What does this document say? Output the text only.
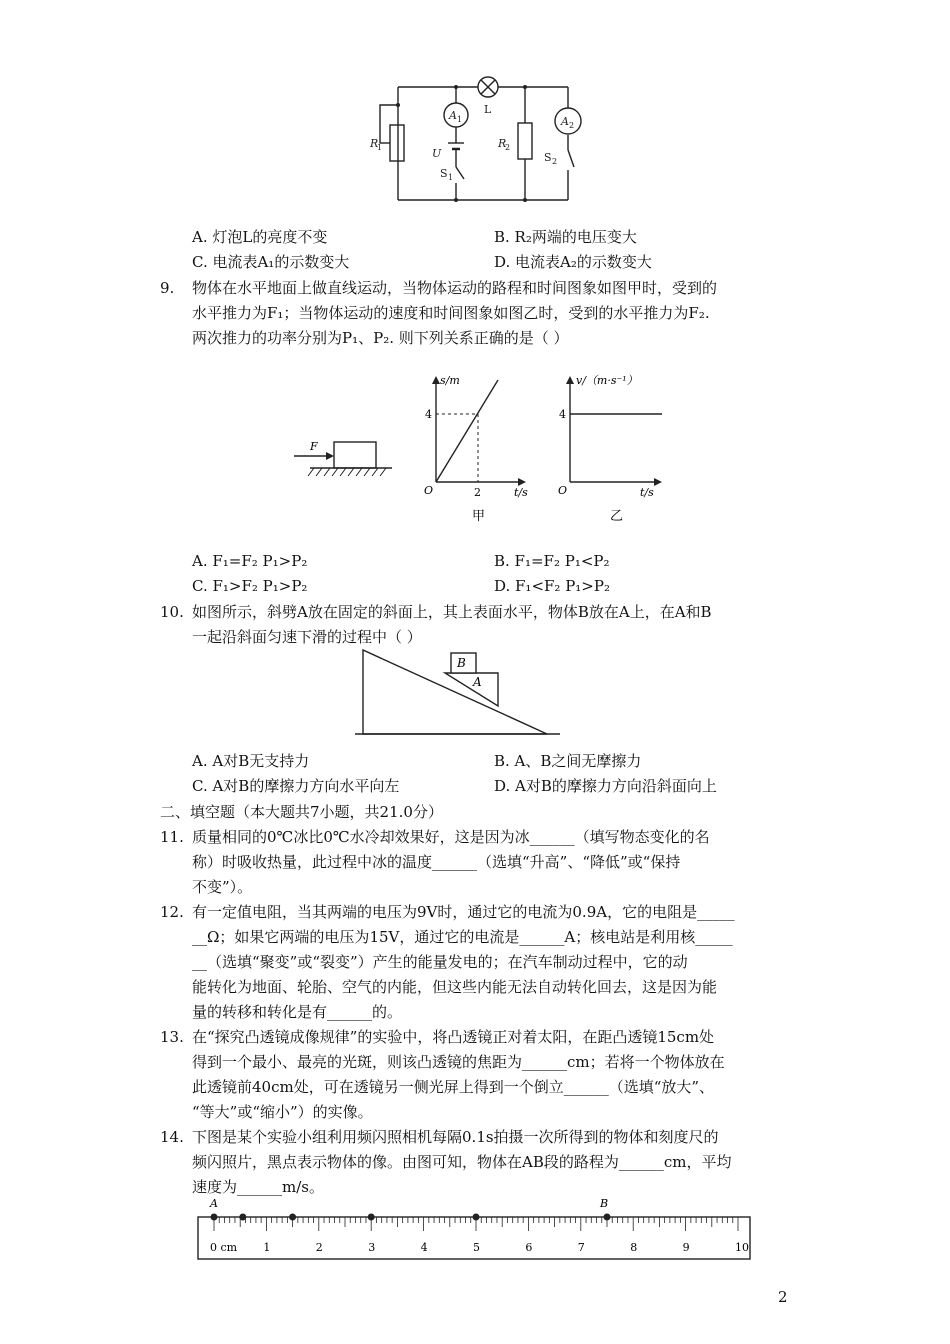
L
R
1	R
2
A 1	A 2
U
S 1
S 2
A. 灯泡L的亮度不变	B. R₂两端的电压变大
C. 电流表A₁的示数变大	D. 电流表A₂的示数变大
9. 物体在水平地面上做直线运动，当物体运动的路程和时间图象如图甲时，受到的
水平推力为F₁；当物体运动的速度和时间图象如图乙时，受到的水平推力为F₂.
两次推力的功率分别为P₁、P₂. 则下列关系正确的是（ ）
F
s/m
4
2
O	t/s
甲
v/（m·s⁻¹）
4
O	t/s
乙
A. F₁=F₂ P₁>P₂	B. F₁=F₂ P₁<P₂
C. F₁>F₂ P₁>P₂	D. F₁<F₂ P₁>P₂
10. 如图所示，斜劈A放在固定的斜面上，其上表面水平，物体B放在A上，在A和B
一起沿斜面匀速下滑的过程中（ ）
B
A
A. A对B无支持力	B. A、B之间无摩擦力
C. A对B的摩擦力方向水平向左	D. A对B的摩擦力方向沿斜面向上
二、填空题（本大题共7小题，共21.0分）
11. 质量相同的0℃冰比0℃水冷却效果好，这是因为冰______（填写物态变化的名
称）时吸收热量，此过程中冰的温度______（选填“升高”、“降低”或“保持
不变”）。
12. 有一定值电阻，当其两端的电压为9V时，通过它的电流为0.9A，它的电阻是_____
__Ω；如果它两端的电压为15V，通过它的电流是______A；核电站是利用核_____
__（选填“聚变”或“裂变”）产生的能量发电的；在汽车制动过程中，它的动
能转化为地面、轮胎、空气的内能，但这些内能无法自动转化回去，这是因为能
量的转移和转化是有______的。
13. 在“探究凸透镜成像规律”的实验中，将凸透镜正对着太阳，在距凸透镜15cm处
得到一个最小、最亮的光斑，则该凸透镜的焦距为______cm；若将一个物体放在
此透镜前40cm处，可在透镜另一侧光屏上得到一个倒立______（选填“放大”、
“等大”或“缩小”）的实像。
14. 下图是某个实验小组利用频闪照相机每隔0.1s拍摄一次所得到的物体和刻度尺的
频闪照片，黑点表示物体的像。由图可知，物体在AB段的路程为______cm，平均
速度为______m/s。
0 cm 1	2	3	4	5	6	7	8	9	10
A	B
2
